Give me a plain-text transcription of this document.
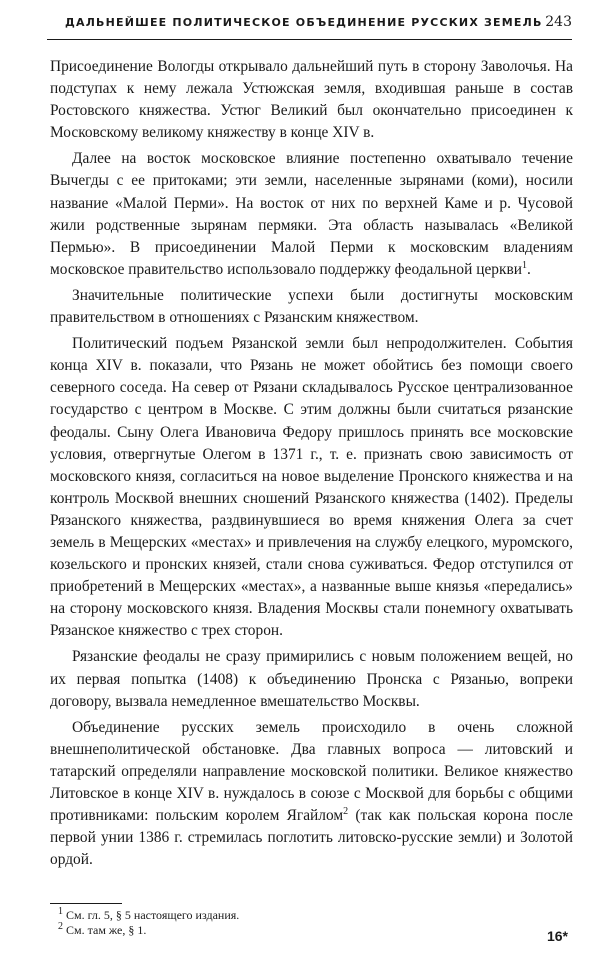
ДАЛЬНЕЙШЕЕ ПОЛИТИЧЕСКОЕ ОБЪЕДИНЕНИЕ РУССКИХ ЗЕМЕЛЬ 243

Присоединение Вологды открывало дальнейший путь в сторону Заволочья. На подступах к нему лежала Устюжская земля, входившая раньше в состав Ростовского княжества. Устюг Великий был окончательно присоединен к Московскому великому княжеству в конце XIV в.

Далее на восток московское влияние постепенно охватывало течение Вычегды с ее притоками; эти земли, населенные зырянами (коми), носили название «Малой Перми». На восток от них по верхней Каме и р. Чусовой жили родственные зырянам пермяки. Эта область называлась «Великой Пермью». В присоединении Малой Перми к московским владениям московское правительство использовало поддержку феодальной церкви$^1$.

Значительные политические успехи были достигнуты московским правительством в отношениях с Рязанским княжеством.

Политический подъем Рязанской земли был непродолжителен. События конца XIV в. показали, что Рязань не может обойтись без помощи своего северного соседа. На север от Рязани складывалось Русское централизованное государство с центром в Москве. С этим должны были считаться рязанские феодалы. Сыну Олега Ивановича Федору пришлось принять все московские условия, отвергнутые Олегом в 1371 г., т. е. признать свою зависимость от московского князя, согласиться на новое выделение Пронского княжества и на контроль Москвой внешних сношений Рязанского княжества (1402). Пределы Рязанского княжества, раздвинувшиеся во время княжения Олега за счет земель в Мещерских «местах» и привлечения на службу елецкого, муромского, козельского и пронских князей, стали снова суживаться. Федор отступился от приобретений в Мещерских «местах», а названные выше князья «передались» на сторону московского князя. Владения Москвы стали понемногу охватывать Рязанское княжество с трех сторон.

Рязанские феодалы не сразу примирились с новым положением вещей, но их первая попытка (1408) к объединению Пронска с Рязанью, вопреки договору, вызвала немедленное вмешательство Москвы.

Объединение русских земель происходило в очень сложной внешнеполитической обстановке. Два главных вопроса — литовский и татарский определяли направление московской политики. Великое княжество Литовское в конце XIV в. нуждалось в союзе с Москвой для борьбы с общими противниками: польским королем Ягайлом$^2$ (так как польская корона после первой унии 1386 г. стремилась поглотить литовско-русские земли) и Золотой ордой.

$^1$ См. гл. 5, § 5 настоящего издания.

$^2$ См. там же, § 1.	16*
